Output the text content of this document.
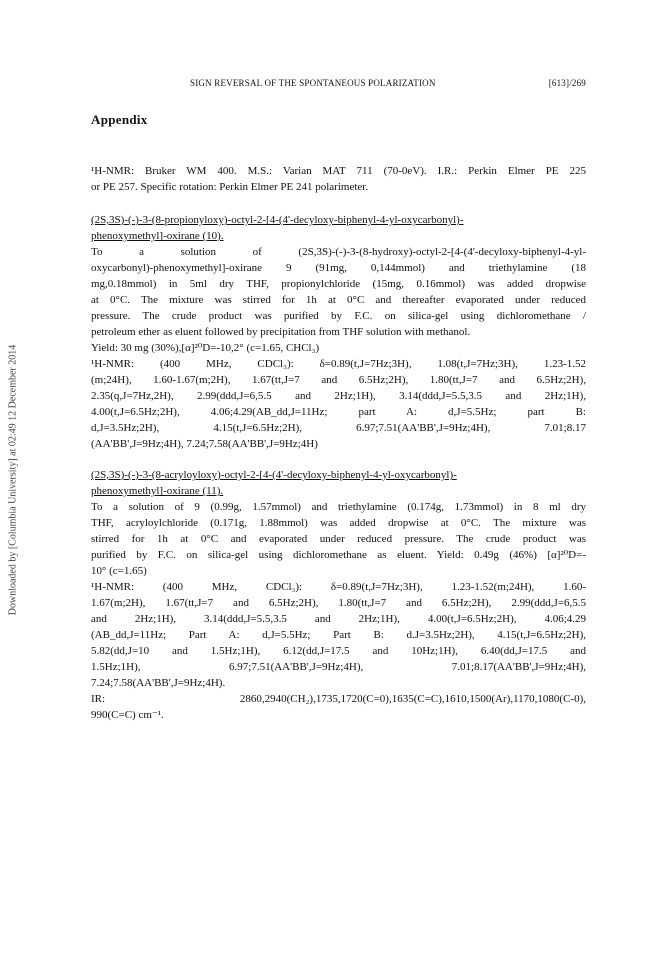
Downloaded by [Columbia University] at 02:49 12 December 2014
SIGN REVERSAL OF THE SPONTANEOUS POLARIZATION	[613]/269
Appendix
¹H-NMR: Bruker WM 400. M.S.: Varian MAT 711 (70-0eV). I.R.: Perkin Elmer PE 225
or PE 257. Specific rotation: Perkin Elmer PE 241 polarimeter.
(2S,3S)-(-)-3-(8-propionyloxy)-octyl-2-[4-(4'-decyloxy-biphenyl-4-yl-oxycarbonyl)-
phenoxymethyl]-oxirane (10).
To a solution of (2S,3S)-(-)-3-(8-hydroxy)-octyl-2-[4-(4'-decyloxy-biphenyl-4-yl-
oxycarbonyl)-phenoxymethyl]-oxirane 9 (91mg, 0,144mmol) and triethylamine (18
mg,0.18mmol) in 5ml dry THF, propionylchloride (15mg, 0.16mmol) was added dropwise
at 0°C. The mixture was stirred for 1h at 0°C and thereafter evaporated under reduced
pressure. The crude product was purified by F.C. on silica-gel using dichloromethane /
petroleum ether as eluent followed by precipitation from THF solution with methanol.
Yield: 30 mg (30%),[α]²⁰D=-10,2° (c=1.65, CHCl₃)
¹H-NMR: (400 MHz, CDCl₃): δ=0.89(t,J=7Hz;3H), 1.08(t,J=7Hz;3H), 1.23-1.52
(m;24H), 1.60-1.67(m;2H), 1.67(tt,J=7 and 6.5Hz;2H), 1.80(tt,J=7 and 6.5Hz;2H),
2.35(q,J=7Hz,2H), 2.99(ddd,J=6,5.5 and 2Hz;1H), 3.14(ddd,J=5.5,3.5 and 2Hz;1H),
4.00(t,J=6.5Hz;2H), 4.06;4.29(AB_dd,J=11Hz; part A: d,J=5.5Hz; part B:
d,J=3.5Hz;2H), 4.15(t,J=6.5Hz;2H), 6.97;7.51(AA'BB',J=9Hz;4H), 7.01;8.17
(AA'BB',J=9Hz;4H), 7.24;7.58(AA'BB',J=9Hz;4H)
(2S,3S)-(-)-3-(8-acryloyloxy)-octyl-2-[4-(4'-decyloxy-biphenyl-4-yl-oxycarbonyl)-
phenoxymethyl]-oxirane (11).
To a solution of 9 (0.99g, 1.57mmol) and triethylamine (0.174g, 1.73mmol) in 8 ml dry
THF, acryloylchloride (0.171g, 1.88mmol) was added dropwise at 0°C. The mixture was
stirred for 1h at 0°C and evaporated under reduced pressure. The crude product was
purified by F.C. on silica-gel using dichloromethane as eluent. Yield: 0.49g (46%) [α]²⁰D=-
10° (c=1.65)
¹H-NMR: (400 MHz, CDCl₃): δ=0.89(t,J=7Hz;3H), 1.23-1.52(m;24H), 1.60-
1.67(m;2H), 1.67(tt,J=7 and 6.5Hz;2H), 1.80(tt,J=7 and 6.5Hz;2H), 2.99(ddd,J=6,5.5
and 2Hz;1H), 3.14(ddd,J=5.5,3.5 and 2Hz;1H), 4.00(t,J=6.5Hz;2H), 4.06;4.29
(AB_dd,J=11Hz; Part A: d,J=5.5Hz; Part B: d.J=3.5Hz;2H), 4.15(t,J=6.5Hz;2H),
5.82(dd,J=10 and 1.5Hz;1H), 6.12(dd,J=17.5 and 10Hz;1H), 6.40(dd,J=17.5 and
1.5Hz;1H), 6.97;7.51(AA'BB',J=9Hz;4H), 7.01;8.17(AA'BB',J=9Hz;4H),
7.24;7.58(AA'BB',J=9Hz;4H).
IR: 2860,2940(CH₂),1735,1720(C=0),1635(C=C),1610,1500(Ar),1170,1080(C-0),
990(C=C) cm⁻¹.
